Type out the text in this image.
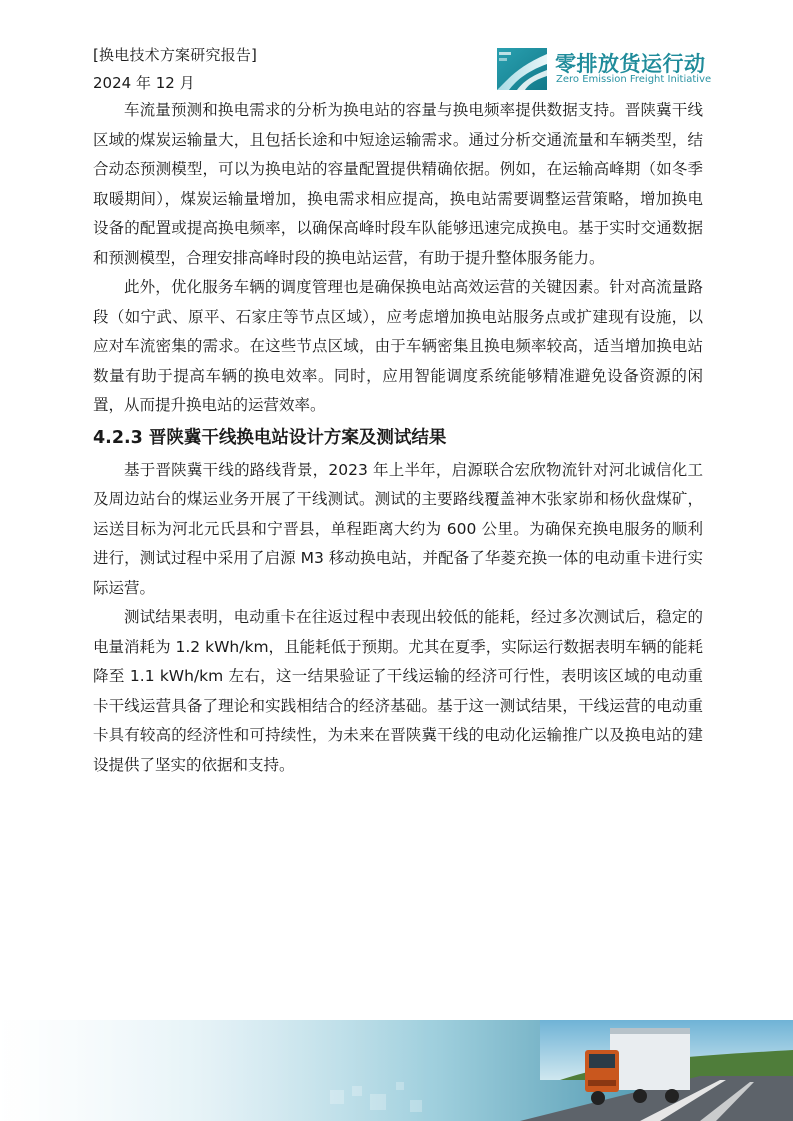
[换电技术方案研究报告]
2024 年 12 月
零排放货运行动
Zero Emission Freight Initiative

车流量预测和换电需求的分析为换电站的容量与换电频率提供数据支持。晋陕冀干线区域的煤炭运输量大，且包括长途和中短途运输需求。通过分析交通流量和车辆类型，结合动态预测模型，可以为换电站的容量配置提供精确依据。例如，在运输高峰期（如冬季取暖期间），煤炭运输量增加，换电需求相应提高，换电站需要调整运营策略，增加换电设备的配置或提高换电频率，以确保高峰时段车队能够迅速完成换电。基于实时交通数据和预测模型，合理安排高峰时段的换电站运营，有助于提升整体服务能力。

此外，优化服务车辆的调度管理也是确保换电站高效运营的关键因素。针对高流量路段（如宁武、原平、石家庄等节点区域），应考虑增加换电站服务点或扩建现有设施，以应对车流密集的需求。在这些节点区域，由于车辆密集且换电频率较高，适当增加换电站数量有助于提高车辆的换电效率。同时，应用智能调度系统能够精准避免设备资源的闲置，从而提升换电站的运营效率。

4.2.3 晋陕冀干线换电站设计方案及测试结果

基于晋陕冀干线的路线背景，2023 年上半年，启源联合宏欣物流针对河北诚信化工及周边站台的煤运业务开展了干线测试。测试的主要路线覆盖神木张家峁和杨伙盘煤矿，运送目标为河北元氏县和宁晋县，单程距离大约为 600 公里。为确保充换电服务的顺利进行，测试过程中采用了启源 M3 移动换电站，并配备了华菱充换一体的电动重卡进行实际运营。

测试结果表明，电动重卡在往返过程中表现出较低的能耗，经过多次测试后，稳定的电量消耗为 1.2 kWh/km，且能耗低于预期。尤其在夏季，实际运行数据表明车辆的能耗降至 1.1 kWh/km 左右，这一结果验证了干线运输的经济可行性，表明该区域的电动重卡干线运营具备了理论和实践相结合的经济基础。基于这一测试结果，干线运营的电动重卡具有较高的经济性和可持续性，为未来在晋陕冀干线的电动化运输推广以及换电站的建设提供了坚实的依据和支持。
